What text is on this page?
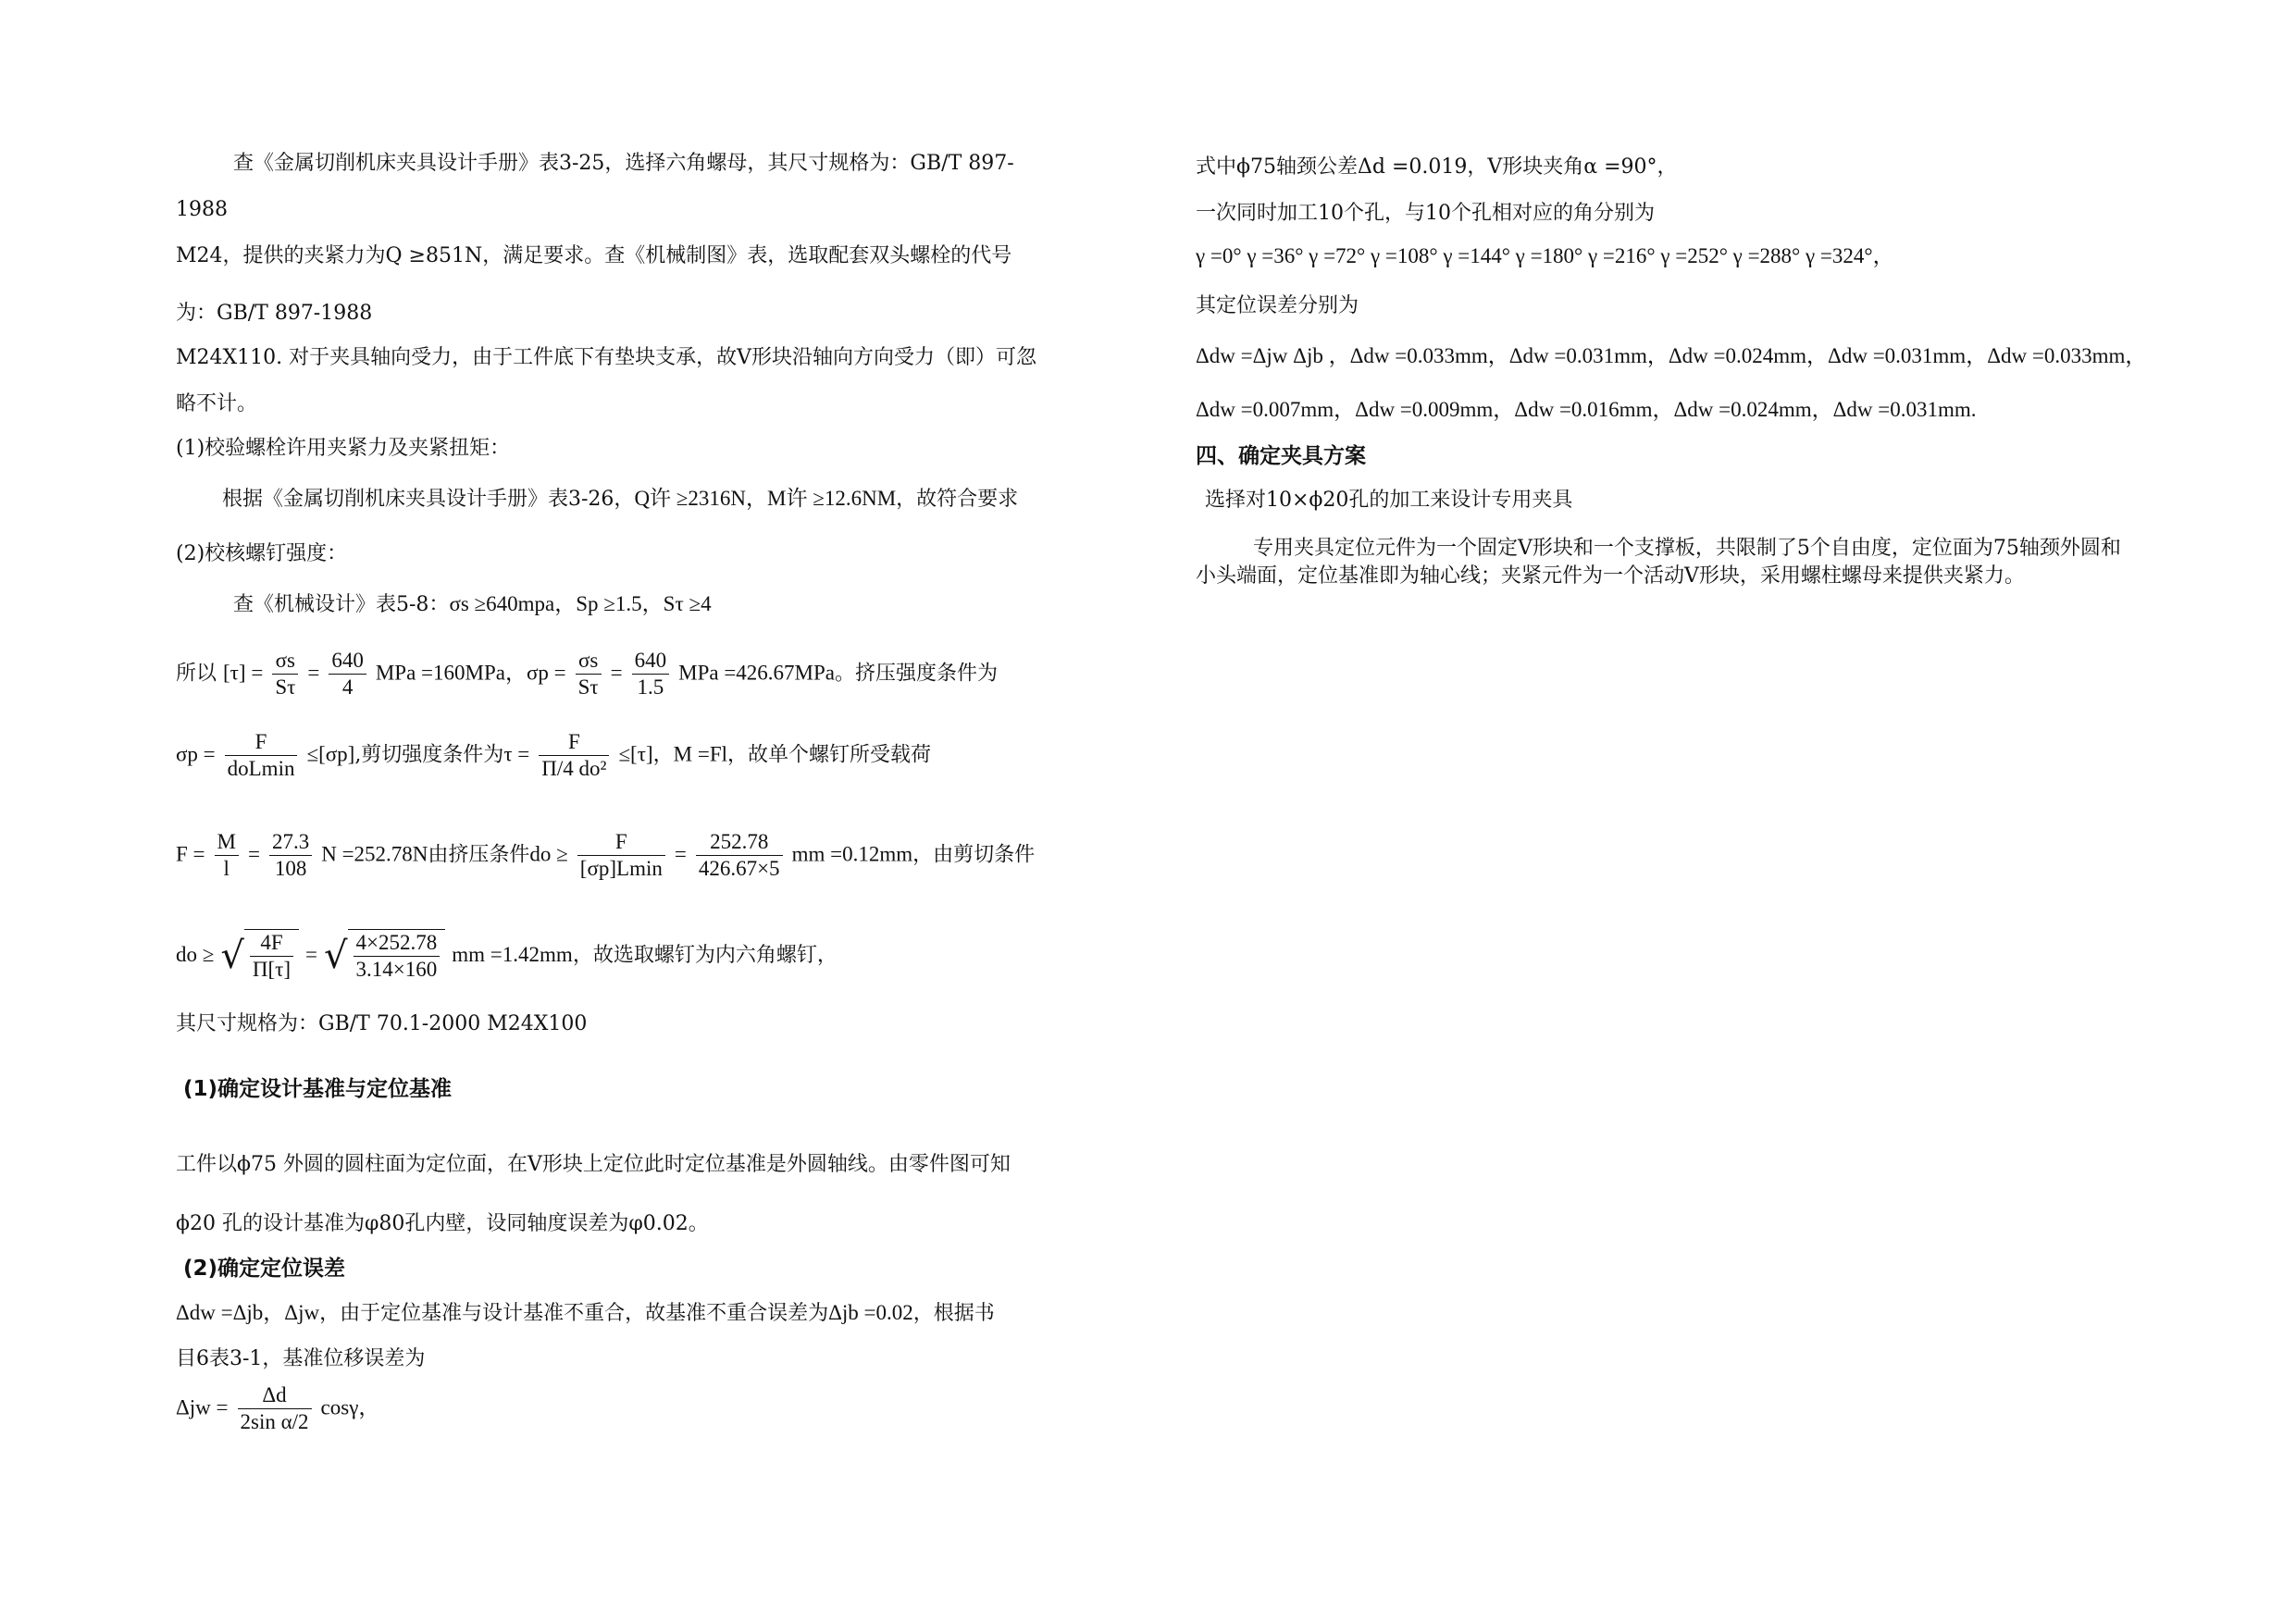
查《金属切削机床夹具设计手册》表3-25，选择六角螺母，其尺寸规格为：GB/T 897-
1988
M24，提供的夹紧力为Q ≥851N，满足要求。查《机械制图》表，选取配套双头螺栓的代号
为：GB/T 897-1988
M24X110. 对于夹具轴向受力，由于工件底下有垫块支承，故V形块沿轴向方向受力（即）可忽
略不计。
(1)校验螺栓许用夹紧力及夹紧扭矩：
根据《金属切削机床夹具设计手册》表3-26，Q许 ≥2316N，M许 ≥12.6NM，故符合要求
(2)校核螺钉强度：
查《机械设计》表5-8：σs ≥640mpa，Sp ≥1.5，Sτ ≥4
所以 $[\tau] = \frac{\sigma s}{S\tau} = \frac{640}{4}$ MPa =160MPa，$\sigma p = \frac{\sigma s}{S\tau} = \frac{640}{1.5}$ MPa =426.67MPa。挤压强度条件为
$\sigma p = \frac{F}{\text{doLmin}} \le[\sigma p]$,剪切强度条件为$\tau = \frac{F}{\text{Π/4 do²}} \le[\tau]$，M =Fl，故单个螺钉所受载荷
$F = \frac{M}{l} = \frac{27.3}{108}$ N =252.78N由挤压条件do ≥ $\frac{F}{[\sigma p]Lmin} = \frac{252.78}{426.67\times 5}$ mm =0.12mm，由剪切条件
do ≥ √ $\frac{4F}{\Pi[\tau]}$ = √ $\frac{4\times 252.78}{3.14\times 160}$ mm =1.42mm，故选取螺钉为内六角螺钉，
其尺寸规格为：GB/T 70.1-2000 M24X100
(1)确定设计基准与定位基准
工件以ϕ75 外圆的圆柱面为定位面，在V形块上定位此时定位基准是外圆轴线。由零件图可知
ϕ20 孔的设计基准为φ80孔内壁，设同轴度误差为φ0.02。
(2)确定定位误差
Δdw =Δjb，Δjw，由于定位基准与设计基准不重合，故基准不重合误差为Δjb =0.02，根据书
目6表3-1，基准位移误差为
$\Delta jw = \frac{\Delta d}{\text{2sin α/2}}$ cosγ，
式中ϕ75轴颈公差Δd =0.019，V形块夹角α =90°，
一次同时加工10个孔，与10个孔相对应的角分别为
γ =0° γ =36° γ =72° γ =108° γ =144° γ =180° γ =216° γ =252° γ =288° γ =324°，
其定位误差分别为
Δdw =Δjw Δjb ，Δdw =0.033mm，Δdw =0.031mm，Δdw =0.024mm，Δdw =0.031mm，Δdw =0.033mm，
Δdw =0.007mm，Δdw =0.009mm，Δdw =0.016mm，Δdw =0.024mm，Δdw =0.031mm.
四、确定夹具方案
选择对10×ϕ20孔的加工来设计专用夹具
专用夹具定位元件为一个固定V形块和一个支撑板，共限制了5个自由度，定位面为75轴颈外圆和小头端面，定位基准即为轴心线；夹紧元件为一个活动V形块，采用螺柱螺母来提供夹紧力。
